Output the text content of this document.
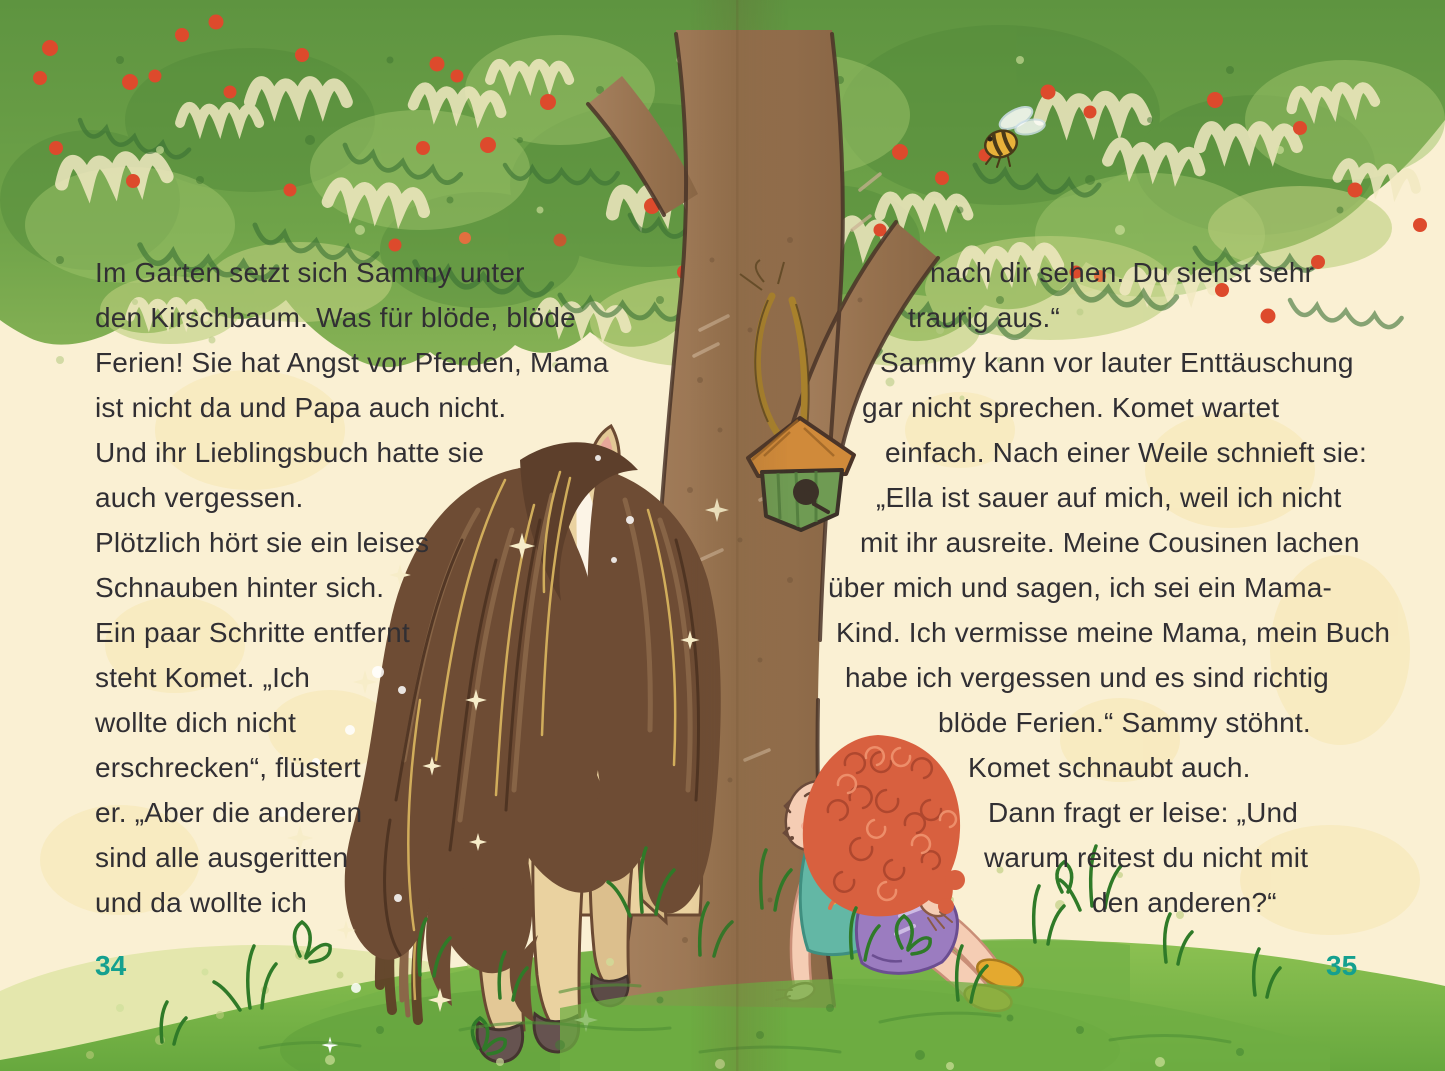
Im Garten setzt sich Sammy unter
den Kirschbaum. Was für blöde, blöde
Ferien! Sie hat Angst vor Pferden, Mama
ist nicht da und Papa auch nicht.
Und ihr Lieblingsbuch hatte sie
auch vergessen.
Plötzlich hört sie ein leises
Schnauben hinter sich.
Ein paar Schritte entfernt
steht Komet. „Ich
wollte dich nicht
erschrecken“, flüstert
er. „Aber die anderen
sind alle ausgeritten
und da wollte ich
nach dir sehen. Du siehst sehr
traurig aus.“
Sammy kann vor lauter Enttäuschung
gar nicht sprechen. Komet wartet
einfach. Nach einer Weile schnieft sie:
„Ella ist sauer auf mich, weil ich nicht
mit ihr ausreite. Meine Cousinen lachen
über mich und sagen, ich sei ein Mama-
Kind. Ich vermisse meine Mama, mein Buch
habe ich vergessen und es sind richtig
blöde Ferien.“ Sammy stöhnt.
Komet schnaubt auch.
Dann fragt er leise: „Und
warum reitest du nicht mit
den anderen?“
34	35
